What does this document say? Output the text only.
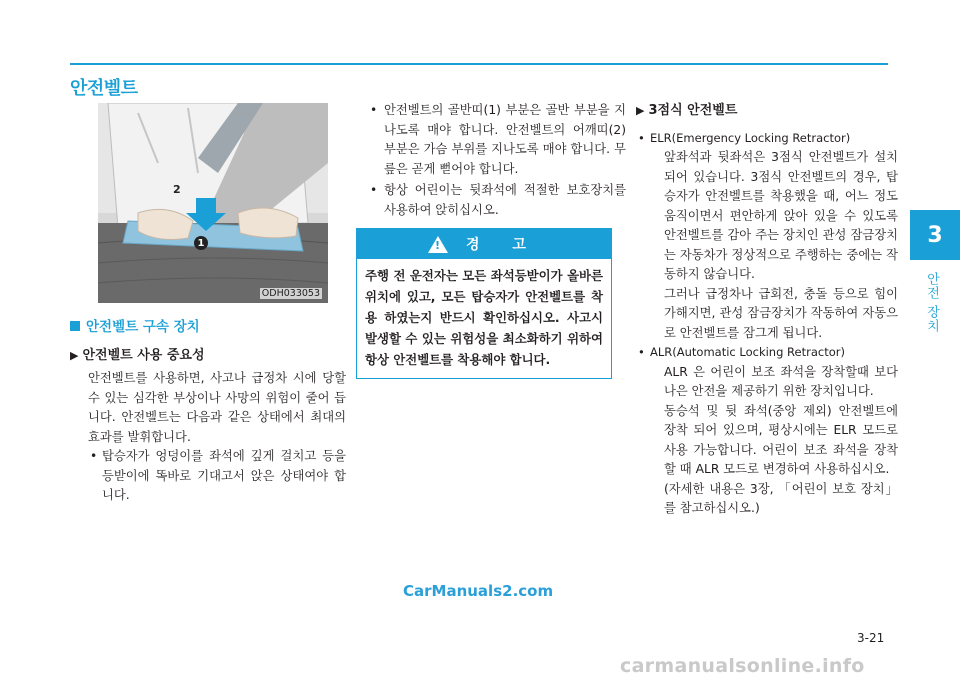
안전벨트
3
안전 장치
2
1
ODH033053
안전벨트 구속 장치
▶ 안전벨트 사용 중요성
안전벨트를 사용하면, 사고나 급정차 시에 당할 수 있는 심각한 부상이나 사망의 위험이 줄어 듭니다. 안전벨트는 다음과 같은 상태에서 최대의 효과를 발휘합니다.
• 탑승자가 엉덩이를 좌석에 깊게 걸치고 등을 등받이에 똑바로 기대고서 앉은 상태여야 합니다.
• 안전벨트의 골반띠(1) 부분은 골반 부분을 지나도록 매야 합니다. 안전벨트의 어깨띠(2) 부분은 가슴 부위를 지나도록 매야 합니다. 무릎은 곧게 뻗어야 합니다.
• 항상 어린이는 뒷좌석에 적절한 보호장치를 사용하여 앉히십시오.
! 경 고
주행 전 운전자는 모든 좌석등받이가 올바른 위치에 있고, 모든 탑승자가 안전벨트를 착용 하였는지 반드시 확인하십시오. 사고시 발생할 수 있는 위험성을 최소화하기 위하여 항상 안전벨트를 착용해야 합니다.
▶ 3점식 안전벨트
• ELR(Emergency Locking Retractor)
앞좌석과 뒷좌석은 3점식 안전벨트가 설치되어 있습니다. 3점식 안전벨트의 경우, 탑승자가 안전벨트를 착용했을 때, 어느 정도 움직이면서 편안하게 앉아 있을 수 있도록 안전벨트를 감아 주는 장치인 관성 잠금장치는 자동차가 정상적으로 주행하는 중에는 작동하지 않습니다.
그러나 급정차나 급회전, 충돌 등으로 힘이 가해지면, 관성 잠금장치가 작동하여 자동으로 안전벨트를 잠그게 됩니다.
• ALR(Automatic Locking Retractor)
ALR 은 어린이 보조 좌석을 장착할때 보다 나은 안전을 제공하기 위한 장치입니다.
동승석 및 뒷 좌석(중앙 제외) 안전벨트에 장착 되어 있으며, 평상시에는 ELR 모드로 사용 가능합니다. 어린이 보조 좌석을 장착할 때 ALR 모드로 변경하여 사용하십시오.
(자세한 내용은 3장, 「어린이 보호 장치」를 참고하십시오.)
CarManuals2.com
3-21
carmanualsonline.info
